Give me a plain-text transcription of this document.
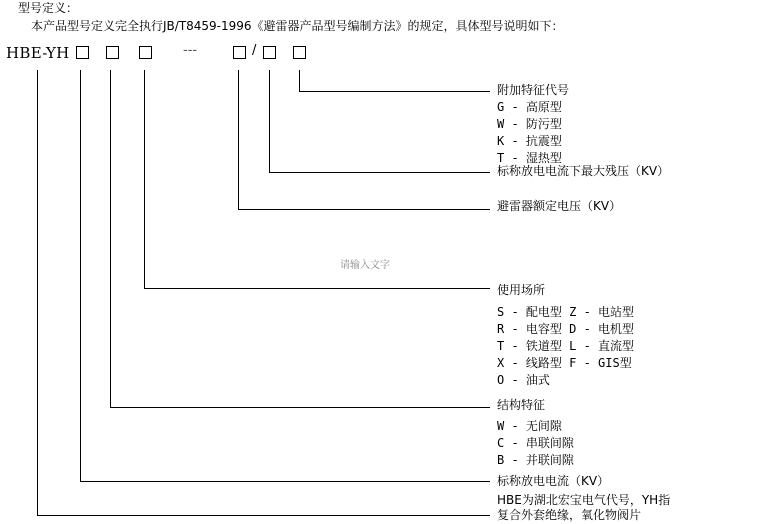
型号定义：
本产品型号定义完全执行JB/T8459-1996《避雷器产品型号编制方法》的规定，具体型号说明如下：
HBE-YH	---	/
请输入文字
附加特征代号
G - 高原型
W - 防污型
K - 抗震型
T - 湿热型
标称放电电流下最大残压（KV）
避雷器额定电压（KV）
使用场所
S - 配电型 Z - 电站型
R - 电容型 D - 电机型
T - 铁道型 L - 直流型
X - 线路型 F - GIS型
O - 油式
结构特征
W - 无间隙
C - 串联间隙
B - 并联间隙
标称放电电流（KV）
HBE为湖北宏宝电气代号，YH指
复合外套绝缘，氧化物阀片
